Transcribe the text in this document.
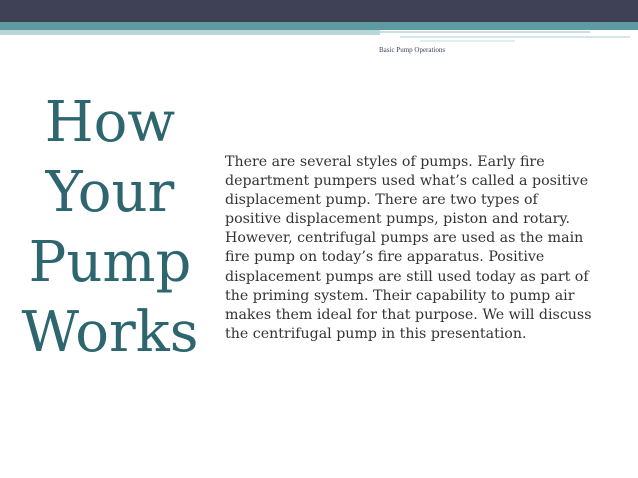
Basic Pump Operations
How
Your
Pump
Works

There are several styles of pumps. Early fire department pumpers used what’s called a positive displacement pump. There are two types of positive displacement pumps, piston and rotary. However, centrifugal pumps are used as the main fire pump on today’s fire apparatus. Positive displacement pumps are still used today as part of the priming system. Their capability to pump air makes them ideal for that purpose. We will discuss the centrifugal pump in this presentation.
